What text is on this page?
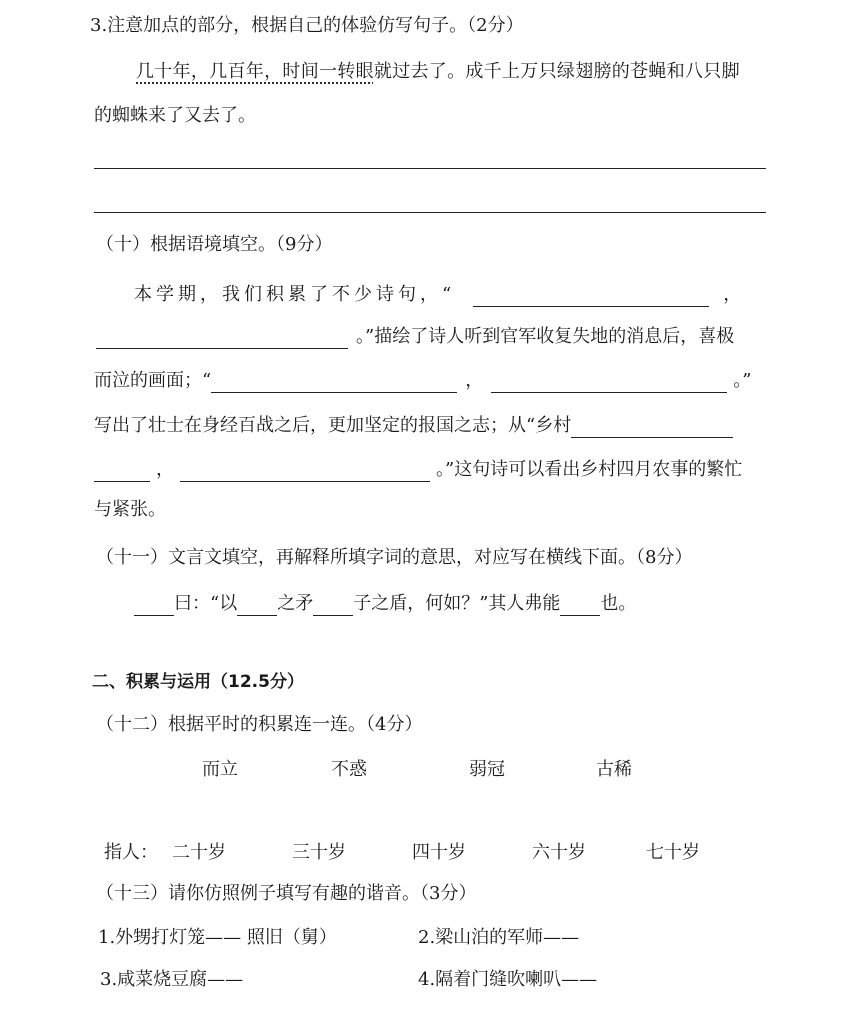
3.注意加点的部分，根据自己的体验仿写句子。（2分）
几十年，几百年，时间一转眼就过去了。成千上万只绿翅膀的苍蝇和八只脚
的蜘蛛来了又去了。
（十）根据语境填空。（9分）
本学期，我们积累了不少诗句，“	，
。”描绘了诗人听到官军收复失地的消息后，喜极
而泣的画面；“	，	。”
写出了壮士在身经百战之后，更加坚定的报国之志；从“乡村
，	。”这句诗可以看出乡村四月农事的繁忙
与紧张。
（十一）文言文填空，再解释所填字词的意思，对应写在横线下面。（8分）
曰：“以 之矛 子之盾，何如？”其人弗能 也。
二、积累与运用（12.5分）
（十二）根据平时的积累连一连。（4分）
而立	不惑	弱冠	古稀
指人： 二十岁	三十岁	四十岁	六十岁	七十岁
（十三）请你仿照例子填写有趣的谐音。（3分）
1.外甥打灯笼—— 照旧（舅）	2.梁山泊的军师——
3.咸菜烧豆腐——	4.隔着门缝吹喇叭——
